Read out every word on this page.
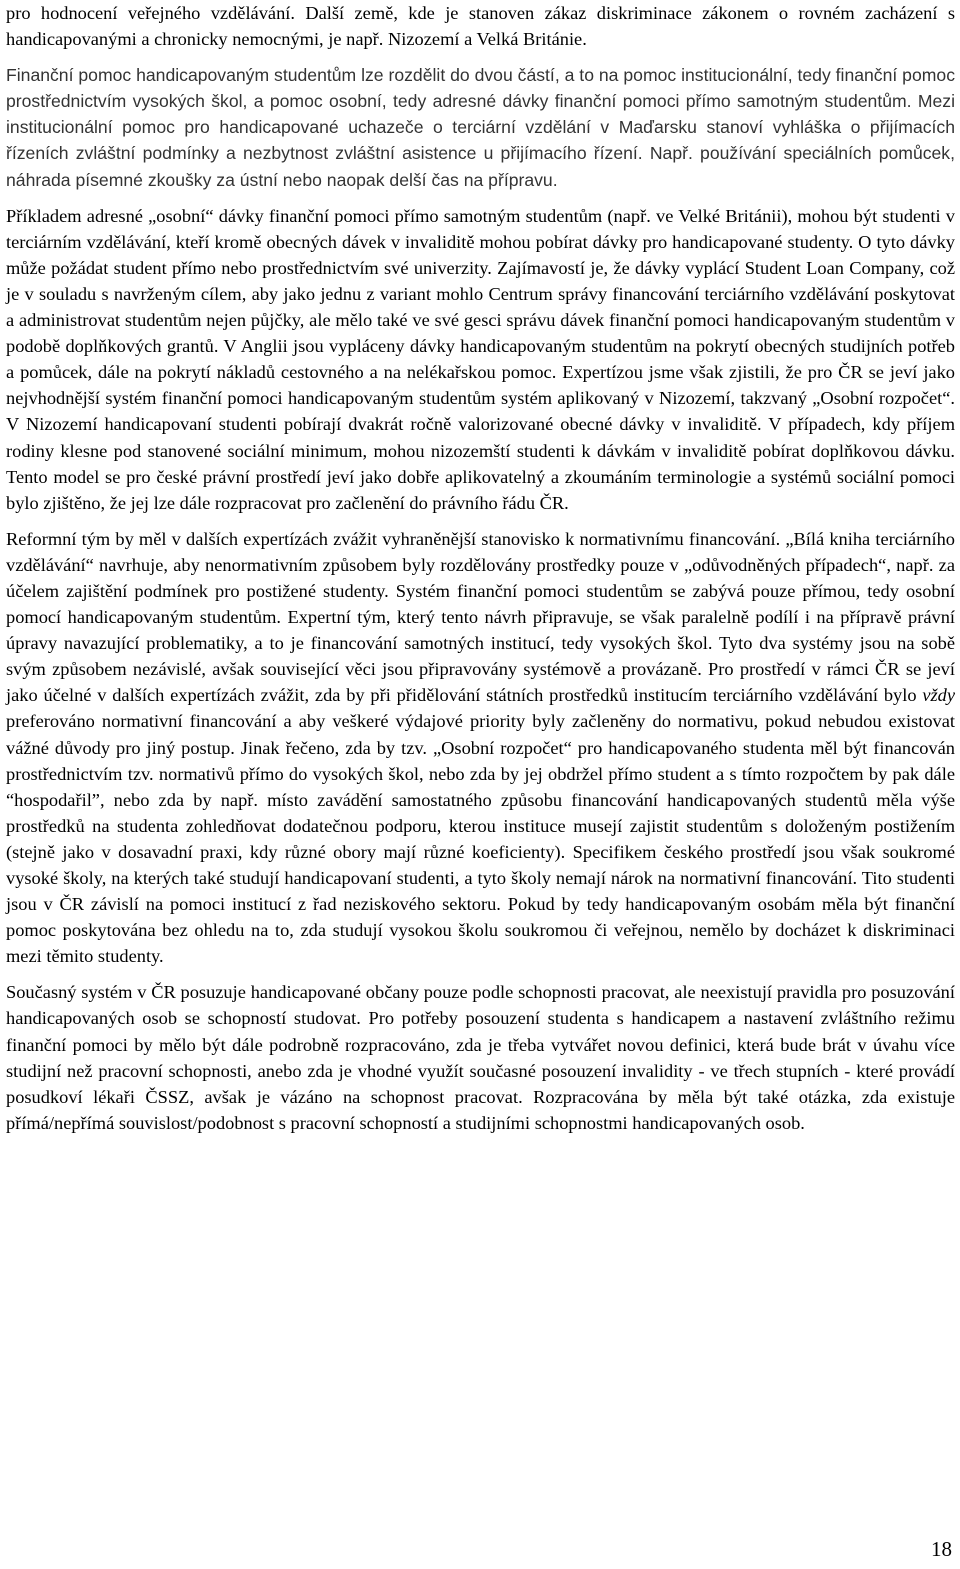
pro hodnocení veřejného vzdělávání. Další země, kde je stanoven zákaz diskriminace zákonem o rovném zacházení s handicapovanými a chronicky nemocnými, je např. Nizozemí a Velká Británie.

Finanční pomoc handicapovaným studentům lze rozdělit do dvou částí, a to na pomoc institucionální, tedy finanční pomoc prostřednictvím vysokých škol, a pomoc osobní, tedy adresné dávky finanční pomoci přímo samotným studentům. Mezi institucionální pomoc pro handicapované uchazeče o terciární vzdělání v Maďarsku stanoví vyhláška o přijímacích řízeních zvláštní podmínky a nezbytnost zvláštní asistence u přijímacího řízení. Např. používání speciálních pomůcek, náhrada písemné zkoušky za ústní nebo naopak delší čas na přípravu.

Příkladem adresné „osobní“ dávky finanční pomoci přímo samotným studentům (např. ve Velké Británii), mohou být studenti v terciárním vzdělávání, kteří kromě obecných dávek v invaliditě mohou pobírat dávky pro handicapované studenty. O tyto dávky může požádat student přímo nebo prostřednictvím své univerzity. Zajímavostí je, že dávky vyplácí Student Loan Company, což je v souladu s navrženým cílem, aby jako jednu z variant mohlo Centrum správy financování terciárního vzdělávání poskytovat a administrovat studentům nejen půjčky, ale mělo také ve své gesci správu dávek finanční pomoci handicapovaným studentům v podobě doplňkových grantů. V Anglii jsou vypláceny dávky handicapovaným studentům na pokrytí obecných studijních potřeb a pomůcek, dále na pokrytí nákladů cestovného a na nelékařskou pomoc. Expertízou jsme však zjistili, že pro ČR se jeví jako nejvhodnější systém finanční pomoci handicapovaným studentům systém aplikovaný v Nizozemí, takzvaný „Osobní rozpočet“. V Nizozemí handicapovaní studenti pobírají dvakrát ročně valorizované obecné dávky v invaliditě. V případech, kdy příjem rodiny klesne pod stanovené sociální minimum, mohou nizozemští studenti k dávkám v invaliditě pobírat doplňkovou dávku. Tento model se pro české právní prostředí jeví jako dobře aplikovatelný a zkoumáním terminologie a systémů sociální pomoci bylo zjištěno, že jej lze dále rozpracovat pro začlenění do právního řádu ČR.

Reformní tým by měl v dalších expertízách zvážit vyhraněnější stanovisko k normativnímu financování. „Bílá kniha terciárního vzdělávání“ navrhuje, aby nenormativním způsobem byly rozdělovány prostředky pouze v „odůvodněných případech“, např. za účelem zajištění podmínek pro postižené studenty. Systém finanční pomoci studentům se zabývá pouze přímou, tedy osobní pomocí handicapovaným studentům. Expertní tým, který tento návrh připravuje, se však paralelně podílí i na přípravě právní úpravy navazující problematiky, a to je financování samotných institucí, tedy vysokých škol. Tyto dva systémy jsou na sobě svým způsobem nezávislé, avšak související věci jsou připravovány systémově a provázaně. Pro prostředí v rámci ČR se jeví jako účelné v dalších expertízách zvážit, zda by při přidělování státních prostředků institucím terciárního vzdělávání bylo vždy preferováno normativní financování a aby veškeré výdajové priority byly začleněny do normativu, pokud nebudou existovat vážné důvody pro jiný postup. Jinak řečeno, zda by tzv. „Osobní rozpočet“ pro handicapovaného studenta měl být financován prostřednictvím tzv. normativů přímo do vysokých škol, nebo zda by jej obdržel přímo student a s tímto rozpočtem by pak dále “hospodařil”, nebo zda by např. místo zavádění samostatného způsobu financování handicapovaných studentů měla výše prostředků na studenta zohledňovat dodatečnou podporu, kterou instituce musejí zajistit studentům s doloženým postižením (stejně jako v dosavadní praxi, kdy různé obory mají různé koeficienty). Specifikem českého prostředí jsou však soukromé vysoké školy, na kterých také studují handicapovaní studenti, a tyto školy nemají nárok na normativní financování. Tito studenti jsou v ČR závislí na pomoci institucí z řad neziskového sektoru. Pokud by tedy handicapovaným osobám měla být finanční pomoc poskytována bez ohledu na to, zda studují vysokou školu soukromou či veřejnou, nemělo by docházet k diskriminaci mezi těmito studenty.

Současný systém v ČR posuzuje handicapované občany pouze podle schopnosti pracovat, ale neexistují pravidla pro posuzování handicapovaných osob se schopností studovat. Pro potřeby posouzení studenta s handicapem a nastavení zvláštního režimu finanční pomoci by mělo být dále podrobně rozpracováno, zda je třeba vytvářet novou definici, která bude brát v úvahu více studijní než pracovní schopnosti, anebo zda je vhodné využít současné posouzení invalidity - ve třech stupních - které provádí posudkoví lékaři ČSSZ, avšak je vázáno na schopnost pracovat. Rozpracována by měla být také otázka, zda existuje přímá/nepřímá souvislost/podobnost s pracovní schopností a studijními schopnostmi handicapovaných osob.

18
